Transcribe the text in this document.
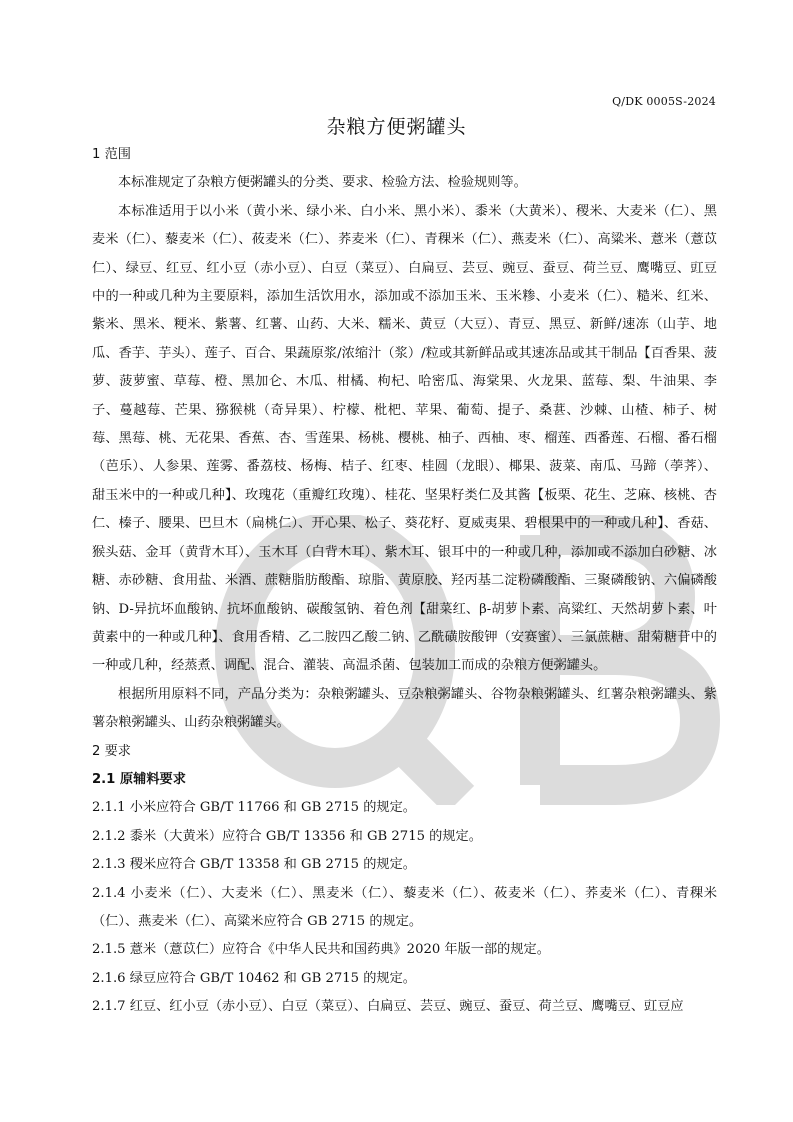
Q/DK 0005S-2024
杂粮方便粥罐头

1 范围

本标准规定了杂粮方便粥罐头的分类、要求、检验方法、检验规则等。

本标准适用于以小米（黄小米、绿小米、白小米、黑小米）、黍米（大黄米）、稷米、大麦米（仁）、黑麦米（仁）、藜麦米（仁）、莜麦米（仁）、荞麦米（仁）、青稞米（仁）、燕麦米（仁）、高粱米、薏米（薏苡仁）、绿豆、红豆、红小豆（赤小豆）、白豆（菜豆）、白扁豆、芸豆、豌豆、蚕豆、荷兰豆、鹰嘴豆、豇豆中的一种或几种为主要原料，添加生活饮用水，添加或不添加玉米、玉米糁、小麦米（仁）、糙米、红米、紫米、黑米、粳米、紫薯、红薯、山药、大米、糯米、黄豆（大豆）、青豆、黑豆、新鲜/速冻（山芋、地瓜、香芋、芋头）、莲子、百合、果蔬原浆/浓缩汁（浆）/粒或其新鲜品或其速冻品或其干制品【百香果、菠萝、菠萝蜜、草莓、橙、黑加仑、木瓜、柑橘、枸杞、哈密瓜、海棠果、火龙果、蓝莓、梨、牛油果、李子、蔓越莓、芒果、猕猴桃（奇异果）、柠檬、枇杷、苹果、葡萄、提子、桑葚、沙棘、山楂、柿子、树莓、黑莓、桃、无花果、香蕉、杏、雪莲果、杨桃、樱桃、柚子、西柚、枣、榴莲、西番莲、石榴、番石榴（芭乐）、人参果、莲雾、番荔枝、杨梅、桔子、红枣、桂圆（龙眼）、椰果、菠菜、南瓜、马蹄（荸荠）、甜玉米中的一种或几种】、玫瑰花（重瓣红玫瑰）、桂花、坚果籽类仁及其酱【板栗、花生、芝麻、核桃、杏仁、榛子、腰果、巴旦木（扁桃仁）、开心果、松子、葵花籽、夏威夷果、碧根果中的一种或几种】、香菇、猴头菇、金耳（黄背木耳）、玉木耳（白背木耳）、紫木耳、银耳中的一种或几种，添加或不添加白砂糖、冰糖、赤砂糖、食用盐、米酒、蔗糖脂肪酸酯、琼脂、黄原胶、羟丙基二淀粉磷酸酯、三聚磷酸钠、六偏磷酸钠、D-异抗坏血酸钠、抗坏血酸钠、碳酸氢钠、着色剂【甜菜红、β-胡萝卜素、高粱红、天然胡萝卜素、叶黄素中的一种或几种】、食用香精、乙二胺四乙酸二钠、乙酰磺胺酸钾（安赛蜜）、三氯蔗糖、甜菊糖苷中的一种或几种，经蒸煮、调配、混合、灌装、高温杀菌、包装加工而成的杂粮方便粥罐头。

根据所用原料不同，产品分类为：杂粮粥罐头、豆杂粮粥罐头、谷物杂粮粥罐头、红薯杂粮粥罐头、紫薯杂粮粥罐头、山药杂粮粥罐头。

2 要求

2.1 原辅料要求

2.1.1 小米应符合 GB/T 11766 和 GB 2715 的规定。

2.1.2 黍米（大黄米）应符合 GB/T 13356 和 GB 2715 的规定。

2.1.3 稷米应符合 GB/T 13358 和 GB 2715 的规定。

2.1.4 小麦米（仁）、大麦米（仁）、黑麦米（仁）、藜麦米（仁）、莜麦米（仁）、荞麦米（仁）、青稞米（仁）、燕麦米（仁）、高粱米应符合 GB 2715 的规定。

2.1.5 薏米（薏苡仁）应符合《中华人民共和国药典》2020 年版一部的规定。

2.1.6 绿豆应符合 GB/T 10462 和 GB 2715 的规定。

2.1.7 红豆、红小豆（赤小豆）、白豆（菜豆）、白扁豆、芸豆、豌豆、蚕豆、荷兰豆、鹰嘴豆、豇豆应
